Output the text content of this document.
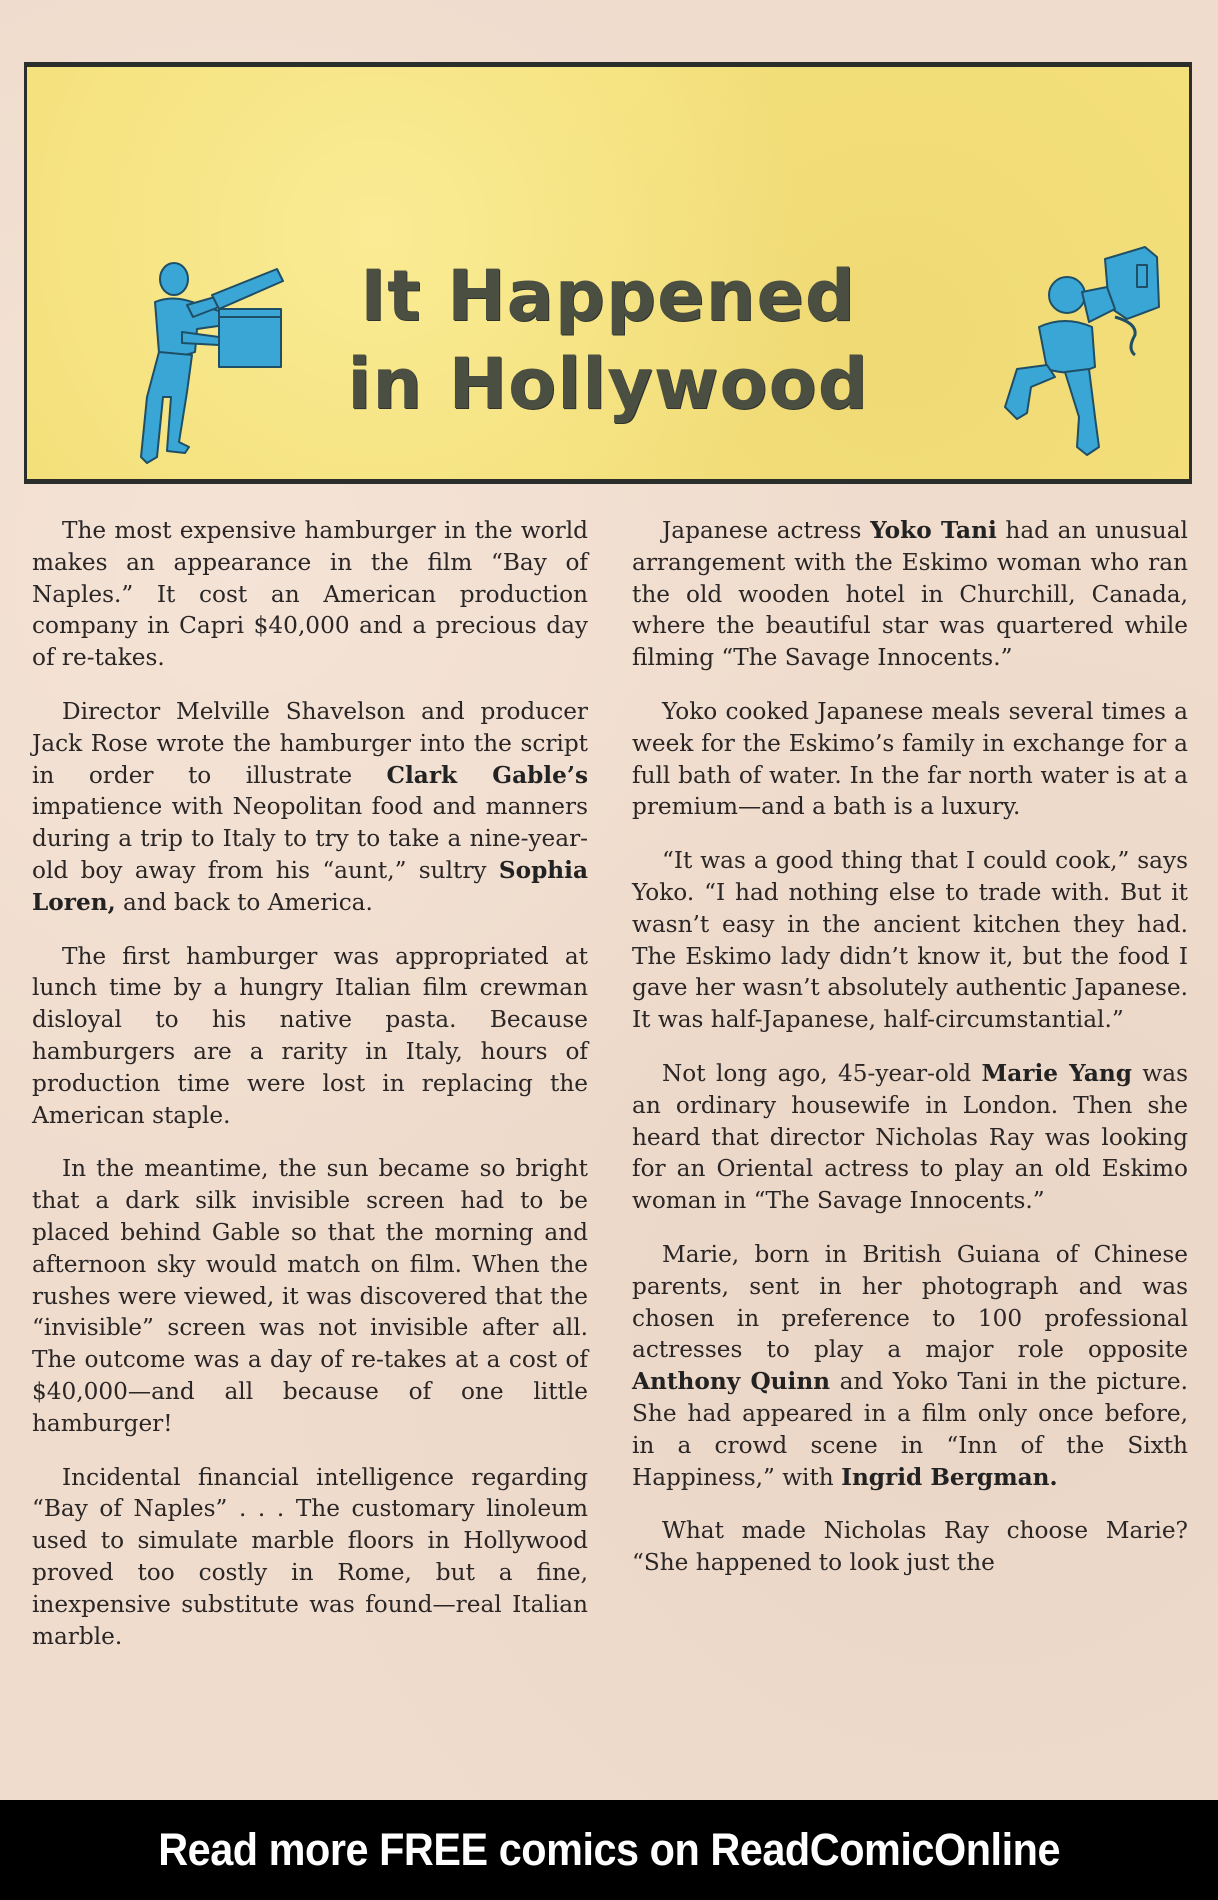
It Happened
in Hollywood

The most expensive hamburger in the world makes an appearance in the film “Bay of Naples.” It cost an American production company in Capri $40,000 and a precious day of re-takes.

Director Melville Shavelson and producer Jack Rose wrote the hamburger into the script in order to illustrate Clark Gable’s impatience with Neopolitan food and manners during a trip to Italy to try to take a nine-year-old boy away from his “aunt,” sultry Sophia Loren, and back to America.

The first hamburger was appropriated at lunch time by a hungry Italian film crewman disloyal to his native pasta. Because hamburgers are a rarity in Italy, hours of production time were lost in replacing the American staple.

In the meantime, the sun became so bright that a dark silk invisible screen had to be placed behind Gable so that the morning and afternoon sky would match on film. When the rushes were viewed, it was discovered that the “invisible” screen was not invisible after all. The outcome was a day of re-takes at a cost of $40,000—and all because of one little hamburger!

Incidental financial intelligence regarding “Bay of Naples” . . . The customary linoleum used to simulate marble floors in Hollywood proved too costly in Rome, but a fine, inexpensive substitute was found—real Italian marble.

Japanese actress Yoko Tani had an unusual arrangement with the Eskimo woman who ran the old wooden hotel in Churchill, Canada, where the beautiful star was quartered while filming “The Savage Innocents.”

Yoko cooked Japanese meals several times a week for the Eskimo’s family in exchange for a full bath of water. In the far north water is at a premium—and a bath is a luxury.

“It was a good thing that I could cook,” says Yoko. “I had nothing else to trade with. But it wasn’t easy in the ancient kitchen they had. The Eskimo lady didn’t know it, but the food I gave her wasn’t absolutely authentic Japanese. It was half-Japanese, half-circumstantial.”

Not long ago, 45-year-old Marie Yang was an ordinary housewife in London. Then she heard that director Nicholas Ray was looking for an Oriental actress to play an old Eskimo woman in “The Savage Innocents.”

Marie, born in British Guiana of Chinese parents, sent in her photograph and was chosen in preference to 100 professional actresses to play a major role opposite Anthony Quinn and Yoko Tani in the picture. She had appeared in a film only once before, in a crowd scene in “Inn of the Sixth Happiness,” with Ingrid Bergman.

What made Nicholas Ray choose Marie? “She happened to look just the

Read more FREE comics on ReadComicOnline
